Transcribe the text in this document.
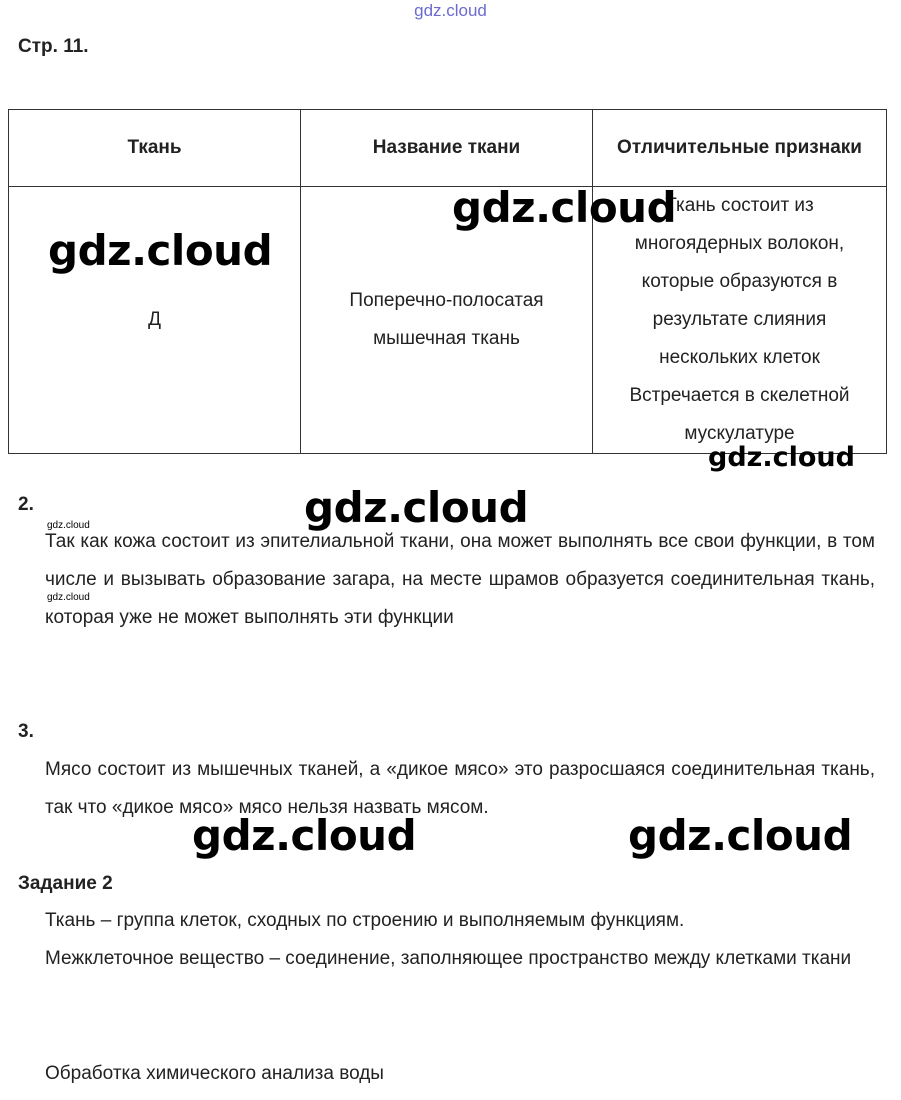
gdz.cloud
Стр. 11.
Ткань	Название ткани	Отличительные признаки
Д	Поперечно-полосатая мышечная ткань	Ткань состоит из многоядерных волокон, которые образуются в результате слияния нескольких клеток Встречается в скелетной мускулатуре
2.
Так как кожа состоит из эпителиальной ткани, она может выполнять все свои функции, в том числе и вызывать образование загара, на месте шрамов образуется соединительная ткань, которая уже не может выполнять эти функции
3.
Мясо состоит из мышечных тканей, а «дикое мясо» это разросшаяся соединительная ткань, так что «дикое мясо» мясо нельзя назвать мясом.
Задание 2
Ткань – группа клеток, сходных по строению и выполняемым функциям.
Межклеточное вещество – соединение, заполняющее пространство между клетками ткани
Обработка химического анализа воды
gdz.cloud
gdz.cloud
gdz.cloud
gdz.cloud
gdz.cloud
gdz.cloud
gdz.cloud	gdz.cloud
